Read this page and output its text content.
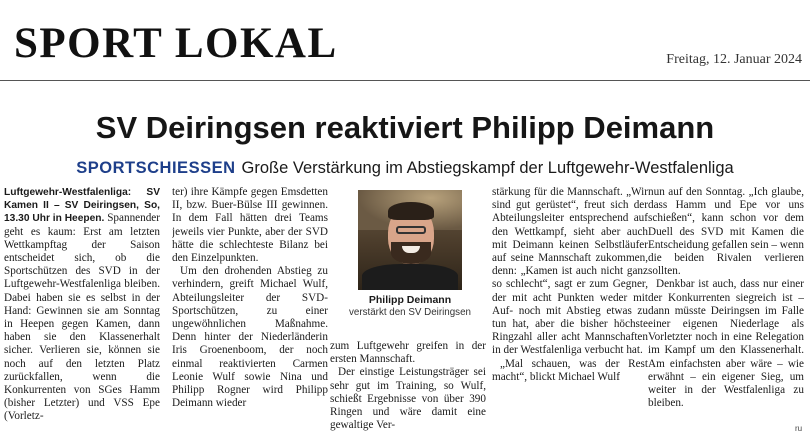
SPORT LOKAL	Freitag, 12. Januar 2024
SV Deiringsen reaktiviert Philipp Deimann
SPORTSCHIESSEN Große Verstärkung im Abstiegskampf der Luftgewehr-Westfalenliga

Luftgewehr-Westfalenliga: SV Kamen II – SV Deiringsen, So, 13.30 Uhr in Heepen. Spannender geht es kaum: Erst am letzten Wettkampftag der Saison entscheidet sich, ob die Sportschützen des SVD in der Luftgewehr-Westfalenliga bleiben. Dabei haben sie es selbst in der Hand: Gewinnen sie am Sonntag in Heepen gegen Kamen, dann haben sie den Klassenerhalt sicher. Verlieren sie, können sie noch auf den letzten Platz zurückfallen, wenn die Konkurrenten von SGes Hamm (bisher Letzter) und VSS Epe (Vorletz-

ter) ihre Kämpfe gegen Emsdetten II, bzw. Buer-Bülse III gewinnen. In dem Fall hätten drei Teams jeweils vier Punkte, aber der SVD hätte die schlechteste Bilanz bei den Einzelpunkten.

Um den drohenden Abstieg zu verhindern, greift Michael Wulf, Abteilungsleiter der SVD-Sportschützen, zu einer ungewöhnlichen Maßnahme. Denn hinter der Niederländerin Iris Groenenboom, der noch einmal reaktivierten Carmen Leonie Wulf sowie Nina und Philipp Rogner wird Philipp Deimann wieder

Philipp Deimann
verstärkt den SV Deiringsen

zum Luftgewehr greifen in der ersten Mannschaft.

Der einstige Leistungsträger sei sehr gut im Training, so Wulf, schießt Ergebnisse von über 390 Ringen und wäre damit eine gewaltige Ver-

stärkung für die Mannschaft. „Wir sind gut gerüstet“, freut sich der Abteilungsleiter entsprechend auf den Wettkampf, sieht aber auch mit Deimann keinen Selbstläufer auf seine Mannschaft zukommen, denn: „Kamen ist auch nicht ganz so schlecht“, sagt er zum Gegner, der mit acht Punkten weder mit Auf- noch mit Abstieg etwas zu tun hat, aber die bisher höchste Ringzahl aller acht Mannschaften in der Westfalenliga verbucht hat.

„Mal schauen, was der Rest macht“, blickt Michael Wulf

nun auf den Sonntag. „Ich glaube, dass Hamm und Epe vor uns schießen“, kann schon vor dem Duell des SVD mit Kamen die Entscheidung gefallen sein – wenn die beiden Rivalen verlieren sollten.

Denkbar ist auch, dass nur einer der Konkurrenten siegreich ist – dann müsste Deiringsen im Falle einer eigenen Niederlage als Vorletzter noch in eine Relegation im Kampf um den Klassenerhalt. Am einfachsten aber wäre – wie erwähnt – ein eigener Sieg, um weiter in der Westfalenliga zu bleiben.

ru
